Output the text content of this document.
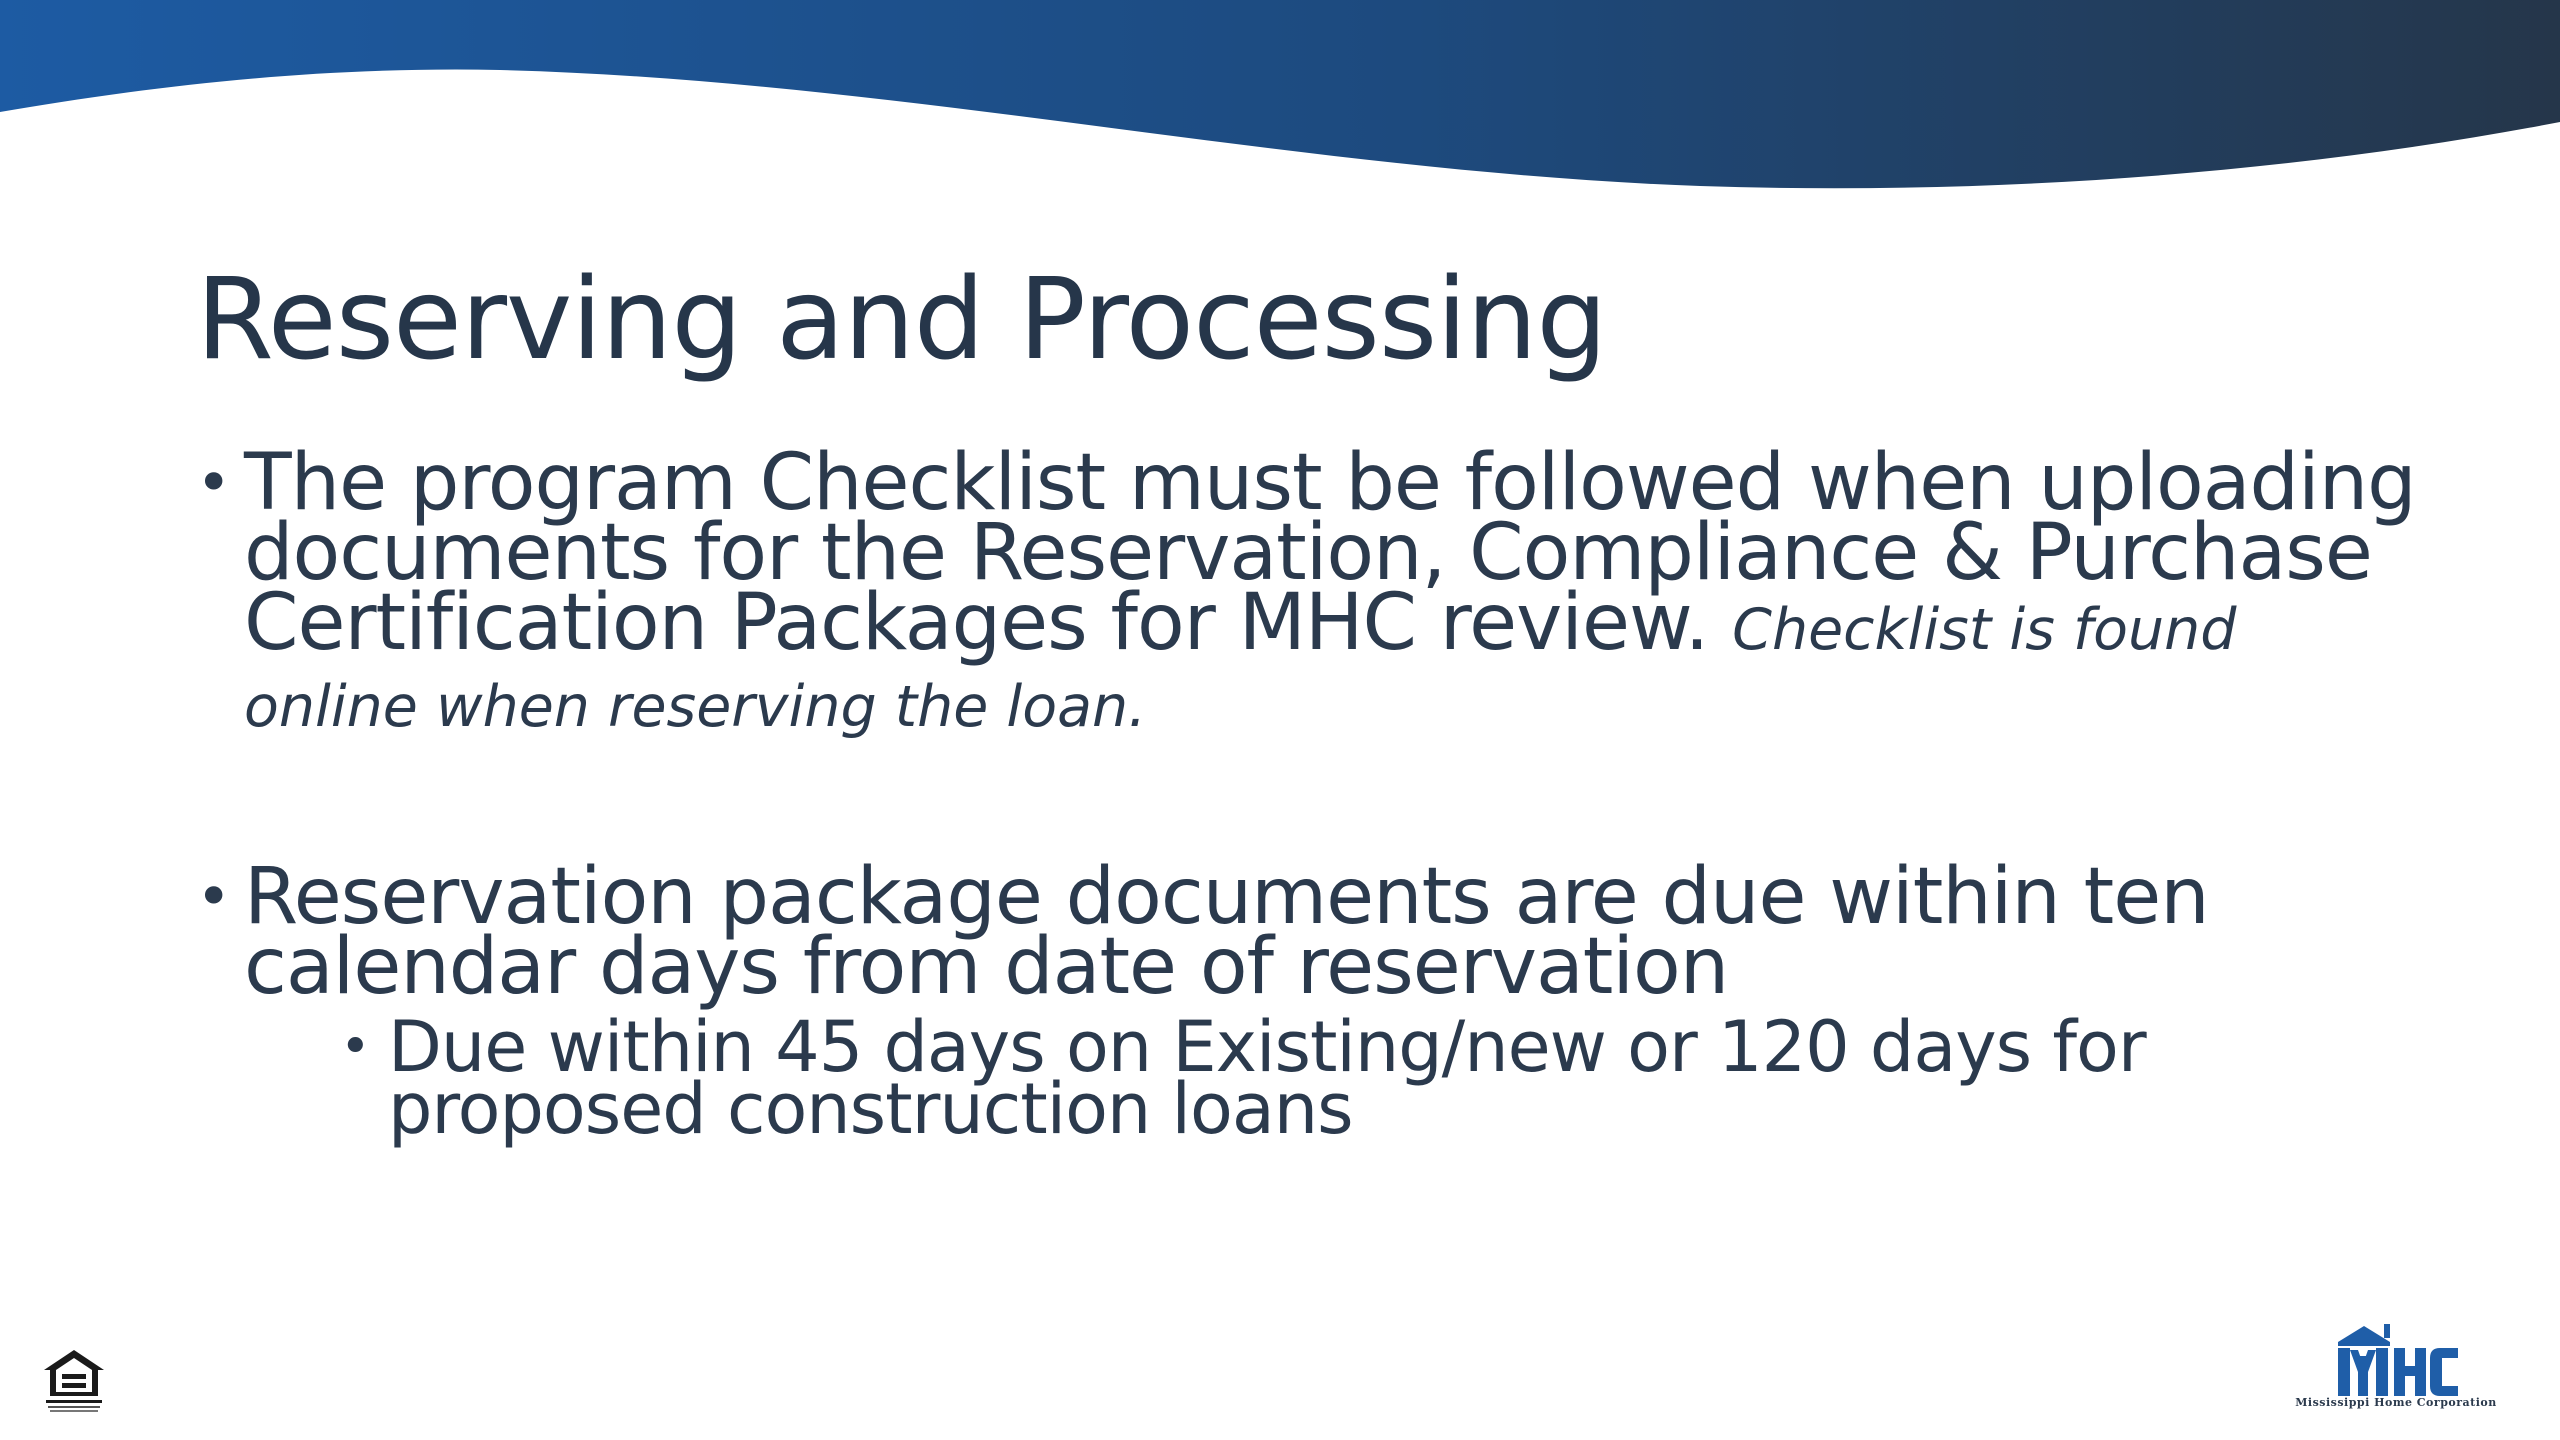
Reserving and Processing
• The program Checklist must be followed when uploading documents for the Reservation, Compliance & Purchase Certification Packages for MHC review. Checklist is found online when reserving the loan.
• Reservation package documents are due within ten calendar days from date of reservation
• Due within 45 days on Existing/new or 120 days for proposed construction loans
Mississippi Home Corporation
